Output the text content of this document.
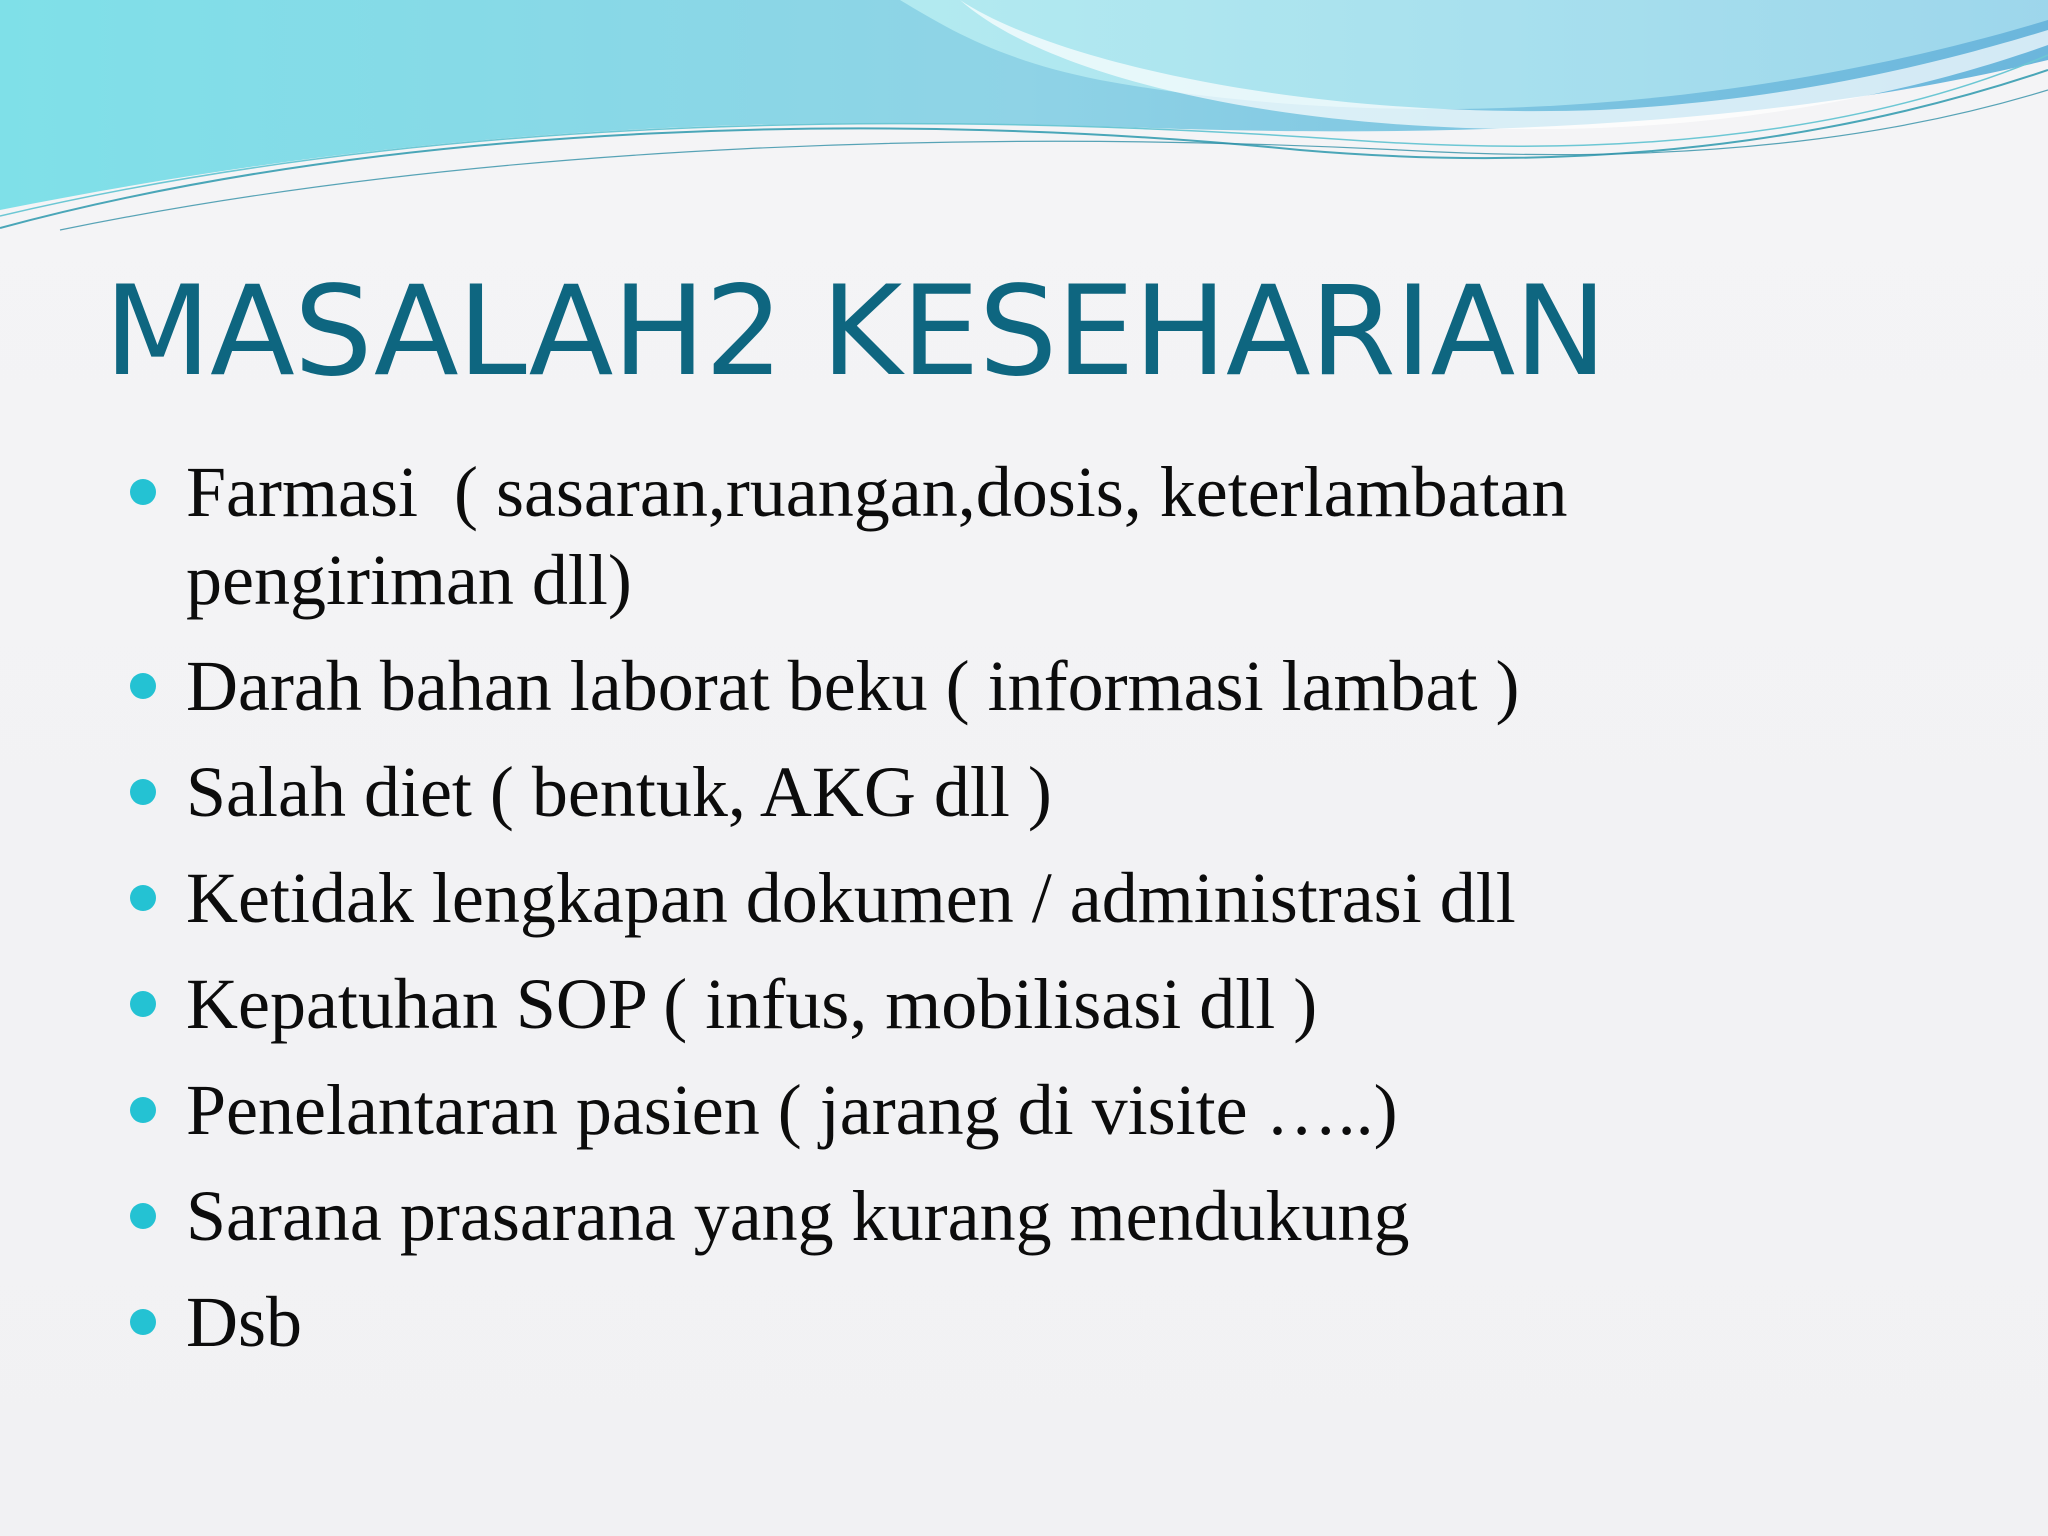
MASALAH2 KESEHARIAN
Farmasi  ( sasaran,ruangan,dosis, keterlambatan pengiriman dll)
Darah bahan laborat beku ( informasi lambat )
Salah diet ( bentuk, AKG dll )
Ketidak lengkapan dokumen / administrasi dll
Kepatuhan SOP ( infus, mobilisasi dll )
Penelantaran pasien ( jarang di visite …..)
Sarana prasarana yang kurang mendukung
Dsb
